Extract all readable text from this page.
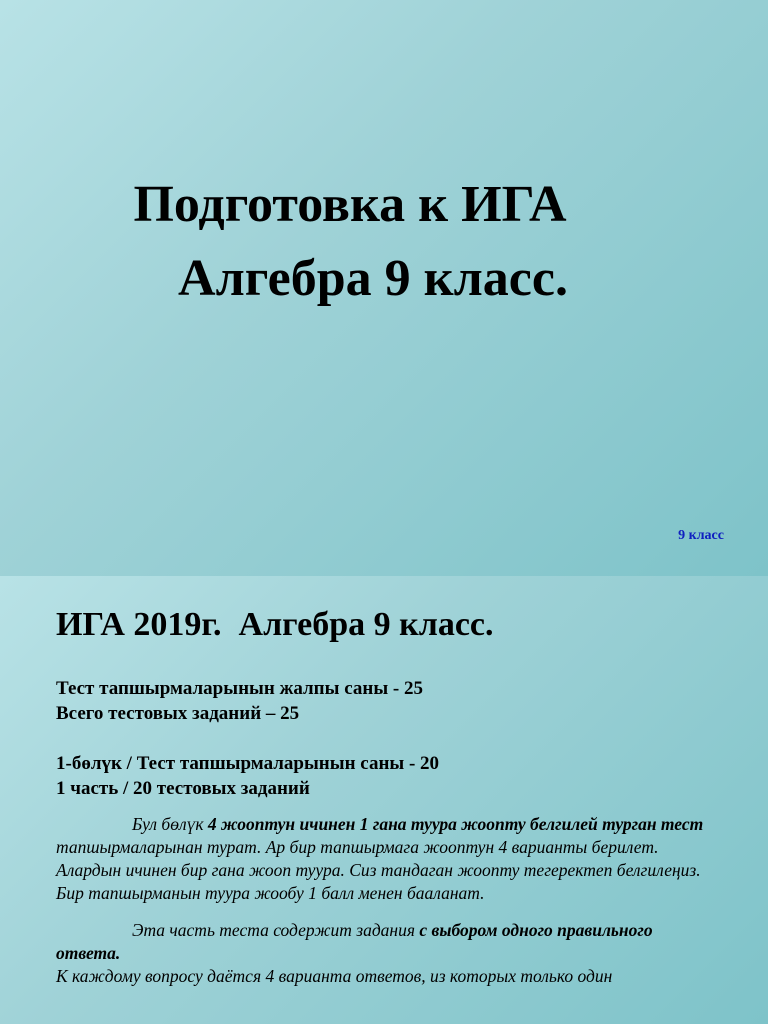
Подготовка к ИГА
Алгебра 9 класс.
9 класс
ИГА 2019г.  Алгебра 9 класс.
Тест тапшырмаларынын жалпы саны - 25
Всего тестовых заданий – 25
1-бөлүк / Тест тапшырмаларынын саны - 20
1 часть / 20 тестовых заданий
Бул бөлүк 4 жооптун ичинен 1 гана туура жоопту белгилей турган тест тапшырмаларынан турат. Ар бир тапшырмага жооптун 4 варианты берилет. Алардын ичинен бир гана жооп туура. Сиз тандаган жоопту тегеректеп белгилеңиз. Бир тапшырманын туура жообу 1 балл менен бааланат.
Эта часть теста содержит задания с выбором одного правильного ответа.
К каждому вопросу даётся 4 варианта ответов, из которых только один
